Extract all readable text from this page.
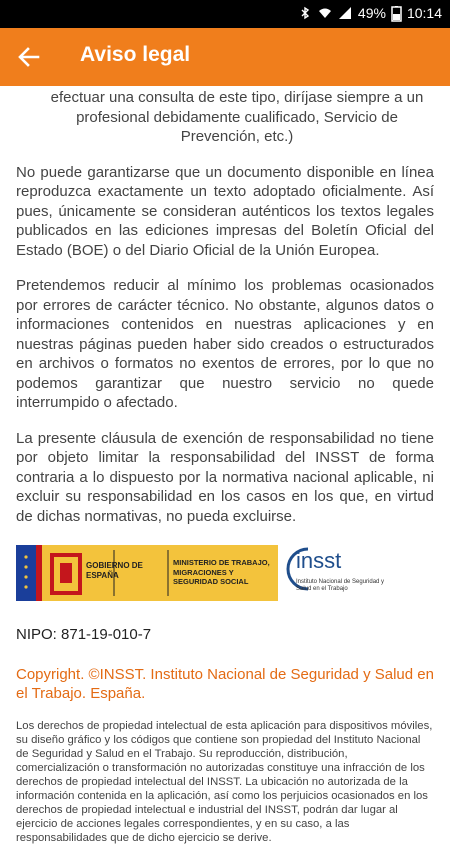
49% 10:14
Aviso legal

efectuar una consulta de este tipo, diríjase siempre a un profesional debidamente cualificado, Servicio de Prevención, etc.)

No puede garantizarse que un documento disponible en línea reproduzca exactamente un texto adoptado oficialmente. Así pues, únicamente se consideran auténticos los textos legales publicados en las ediciones impresas del Boletín Oficial del Estado (BOE) o del Diario Oficial de la Unión Europea.

Pretendemos reducir al mínimo los problemas ocasionados por errores de carácter técnico. No obstante, algunos datos o informaciones contenidos en nuestras aplicaciones y en nuestras páginas pueden haber sido creados o estructurados en archivos o formatos no exentos de errores, por lo que no podemos garantizar que nuestro servicio no quede interrumpido o afectado.

La presente cláusula de exención de responsabilidad no tiene por objeto limitar la responsabilidad del INSST de forma contraria a lo dispuesto por la normativa nacional aplicable, ni excluir su responsabilidad en los casos en los que, en virtud de dichas normativas, no pueda excluirse.

GOBIERNO DE ESPAÑA
MINISTERIO DE TRABAJO, MIGRACIONES Y SEGURIDAD SOCIAL
insst
Instituto Nacional de Seguridad y Salud en el Trabajo

NIPO: 871-19-010-7

Copyright. ©INSST. Instituto Nacional de Seguridad y Salud en el Trabajo. España.

Los derechos de propiedad intelectual de esta aplicación para dispositivos móviles, su diseño gráfico y los códigos que contiene son propiedad del Instituto Nacional de Seguridad y Salud en el Trabajo. Su reproducción, distribución, comercialización o transformación no autorizadas constituye una infracción de los derechos de propiedad intelectual del INSST. La ubicación no autorizada de la información contenida en la aplicación, así como los perjuicios ocasionados en los derechos de propiedad intelectual e industrial del INSST, podrán dar lugar al ejercicio de acciones legales correspondientes, y en su caso, a las responsabilidades que de dicho ejercicio se derive.
